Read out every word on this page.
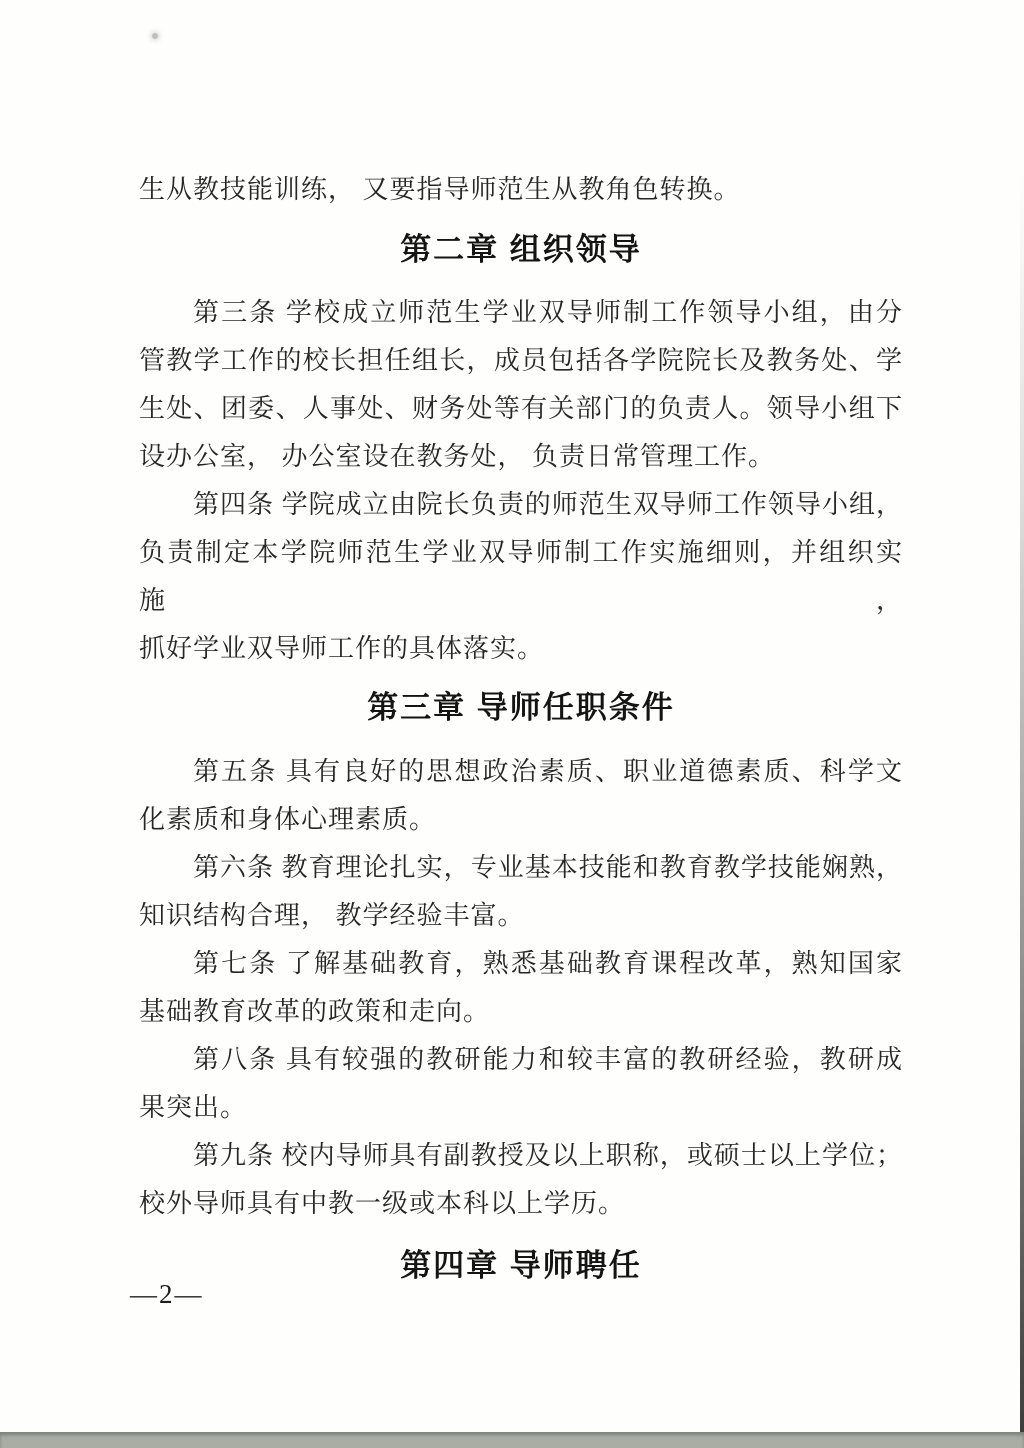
生从教技能训练， 又要指导师范生从教角色转换。
第二章 组织领导
第三条 学校成立师范生学业双导师制工作领导小组，由分
管教学工作的校长担任组长，成员包括各学院院长及教务处、学
生处、团委、人事处、财务处等有关部门的负责人。领导小组下
设办公室， 办公室设在教务处， 负责日常管理工作。
第四条 学院成立由院长负责的师范生双导师工作领导小组，
负责制定本学院师范生学业双导师制工作实施细则，并组织实施，
抓好学业双导师工作的具体落实。
第三章 导师任职条件
第五条 具有良好的思想政治素质、职业道德素质、科学文
化素质和身体心理素质。
第六条 教育理论扎实，专业基本技能和教育教学技能娴熟，
知识结构合理， 教学经验丰富。
第七条 了解基础教育，熟悉基础教育课程改革，熟知国家
基础教育改革的政策和走向。
第八条 具有较强的教研能力和较丰富的教研经验，教研成
果突出。
第九条 校内导师具有副教授及以上职称，或硕士以上学位；
校外导师具有中教一级或本科以上学历。
第四章 导师聘任
—2—
